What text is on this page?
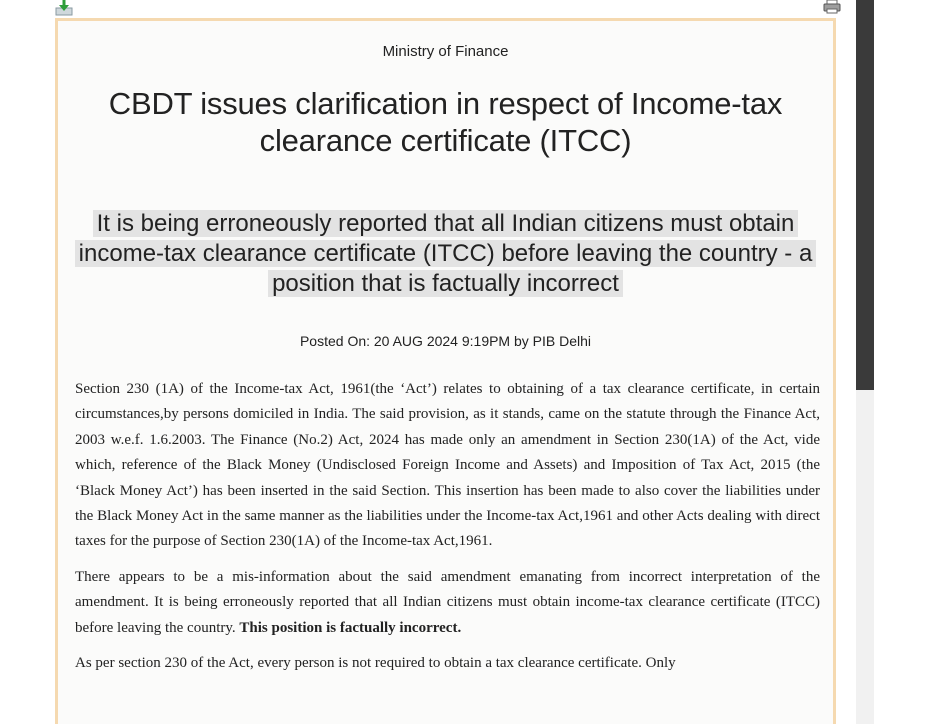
Ministry of Finance
CBDT issues clarification in respect of Income-tax clearance certificate (ITCC)
It is being erroneously reported that all Indian citizens must obtain income-tax clearance certificate (ITCC) before leaving the country - a position that is factually incorrect
Posted On: 20 AUG 2024 9:19PM by PIB Delhi

Section 230 (1A) of the Income-tax Act, 1961(the ‘Act’) relates to obtaining of a tax clearance certificate, in certain circumstances,by persons domiciled in India. The said provision, as it stands, came on the statute through the Finance Act, 2003 w.e.f. 1.6.2003. The Finance (No.2) Act, 2024 has made only an amendment in Section 230(1A) of the Act, vide which, reference of the Black Money (Undisclosed Foreign Income and Assets) and Imposition of Tax Act, 2015 (the ‘Black Money Act’) has been inserted in the said Section. This insertion has been made to also cover the liabilities under the Black Money Act in the same manner as the liabilities under the Income-tax Act,1961 and other Acts dealing with direct taxes for the purpose of Section 230(1A) of the Income-tax Act,1961.

There appears to be a mis-information about the said amendment emanating from incorrect interpretation of the amendment. It is being erroneously reported that all Indian citizens must obtain income-tax clearance certificate (ITCC) before leaving the country. This position is factually incorrect.

As per section 230 of the Act, every person is not required to obtain a tax clearance certificate. Only
